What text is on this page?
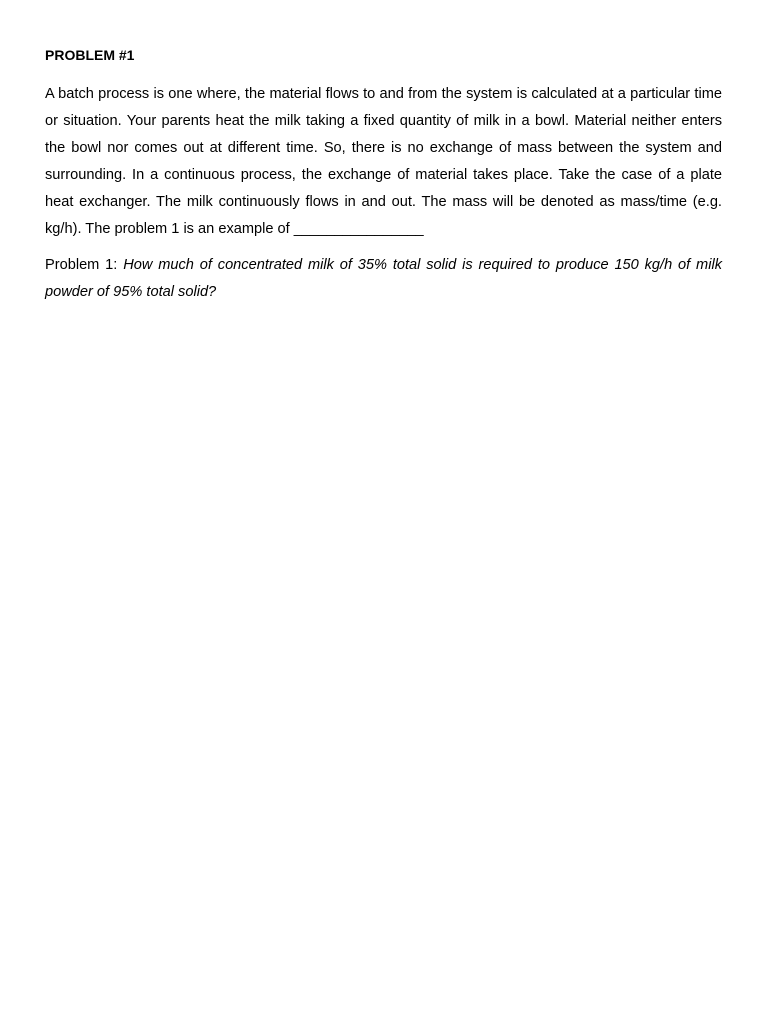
PROBLEM #1

A batch process is one where, the material flows to and from the system is calculated at a particular time or situation. Your parents heat the milk taking a fixed quantity of milk in a bowl. Material neither enters the bowl nor comes out at different time. So, there is no exchange of mass between the system and surrounding. In a continuous process, the exchange of material takes place. Take the case of a plate heat exchanger. The milk continuously flows in and out. The mass will be denoted as mass/time (e.g. kg/h). The problem 1 is an example of ________________

Problem 1: How much of concentrated milk of 35% total solid is required to produce 150 kg/h of milk powder of 95% total solid?
